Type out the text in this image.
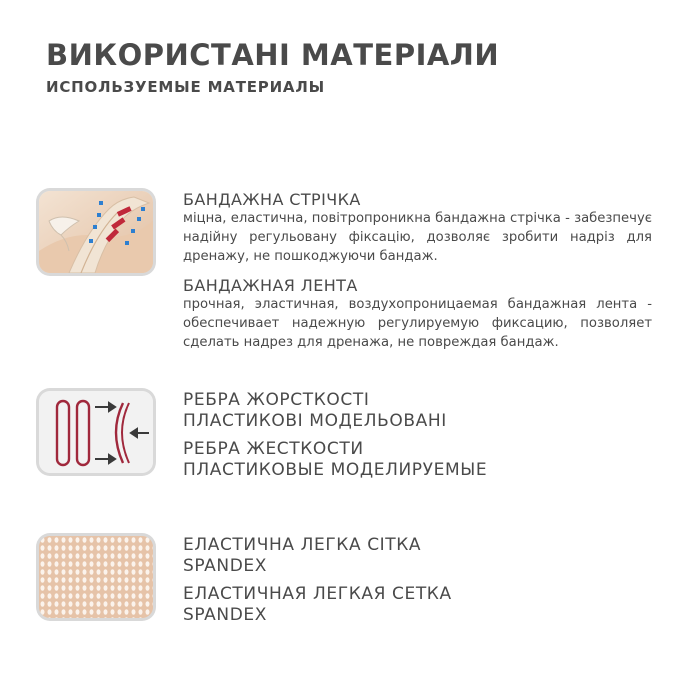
ВИКОРИСТАНІ МАТЕРІАЛИ
ИСПОЛЬЗУЕМЫЕ МАТЕРИАЛЫ
БАНДАЖНА СТРІЧКА
міцна, еластична, повітропроникна бандажна стрічка - забезпечує надійну регульовану фіксацію, дозволяє зробити надріз для дренажу, не пошкоджуючи бандаж.
БАНДАЖНАЯ ЛЕНТА
прочная, эластичная, воздухопроницаемая бандажная лента - обеспечивает надежную регулируемую фиксацию, позволяет сделать надрез для дренажа, не повреждая бандаж.
РЕБРА ЖОРСТКОСТІ
ПЛАСТИКОВІ МОДЕЛЬОВАНІ
РЕБРА ЖЕСТКОСТИ
ПЛАСТИКОВЫЕ МОДЕЛИРУЕМЫЕ
ЕЛАСТИЧНА ЛЕГКА СІТКА
SPANDEX
ЕЛАСТИЧНАЯ ЛЕГКАЯ СЕТКА
SPANDEX
